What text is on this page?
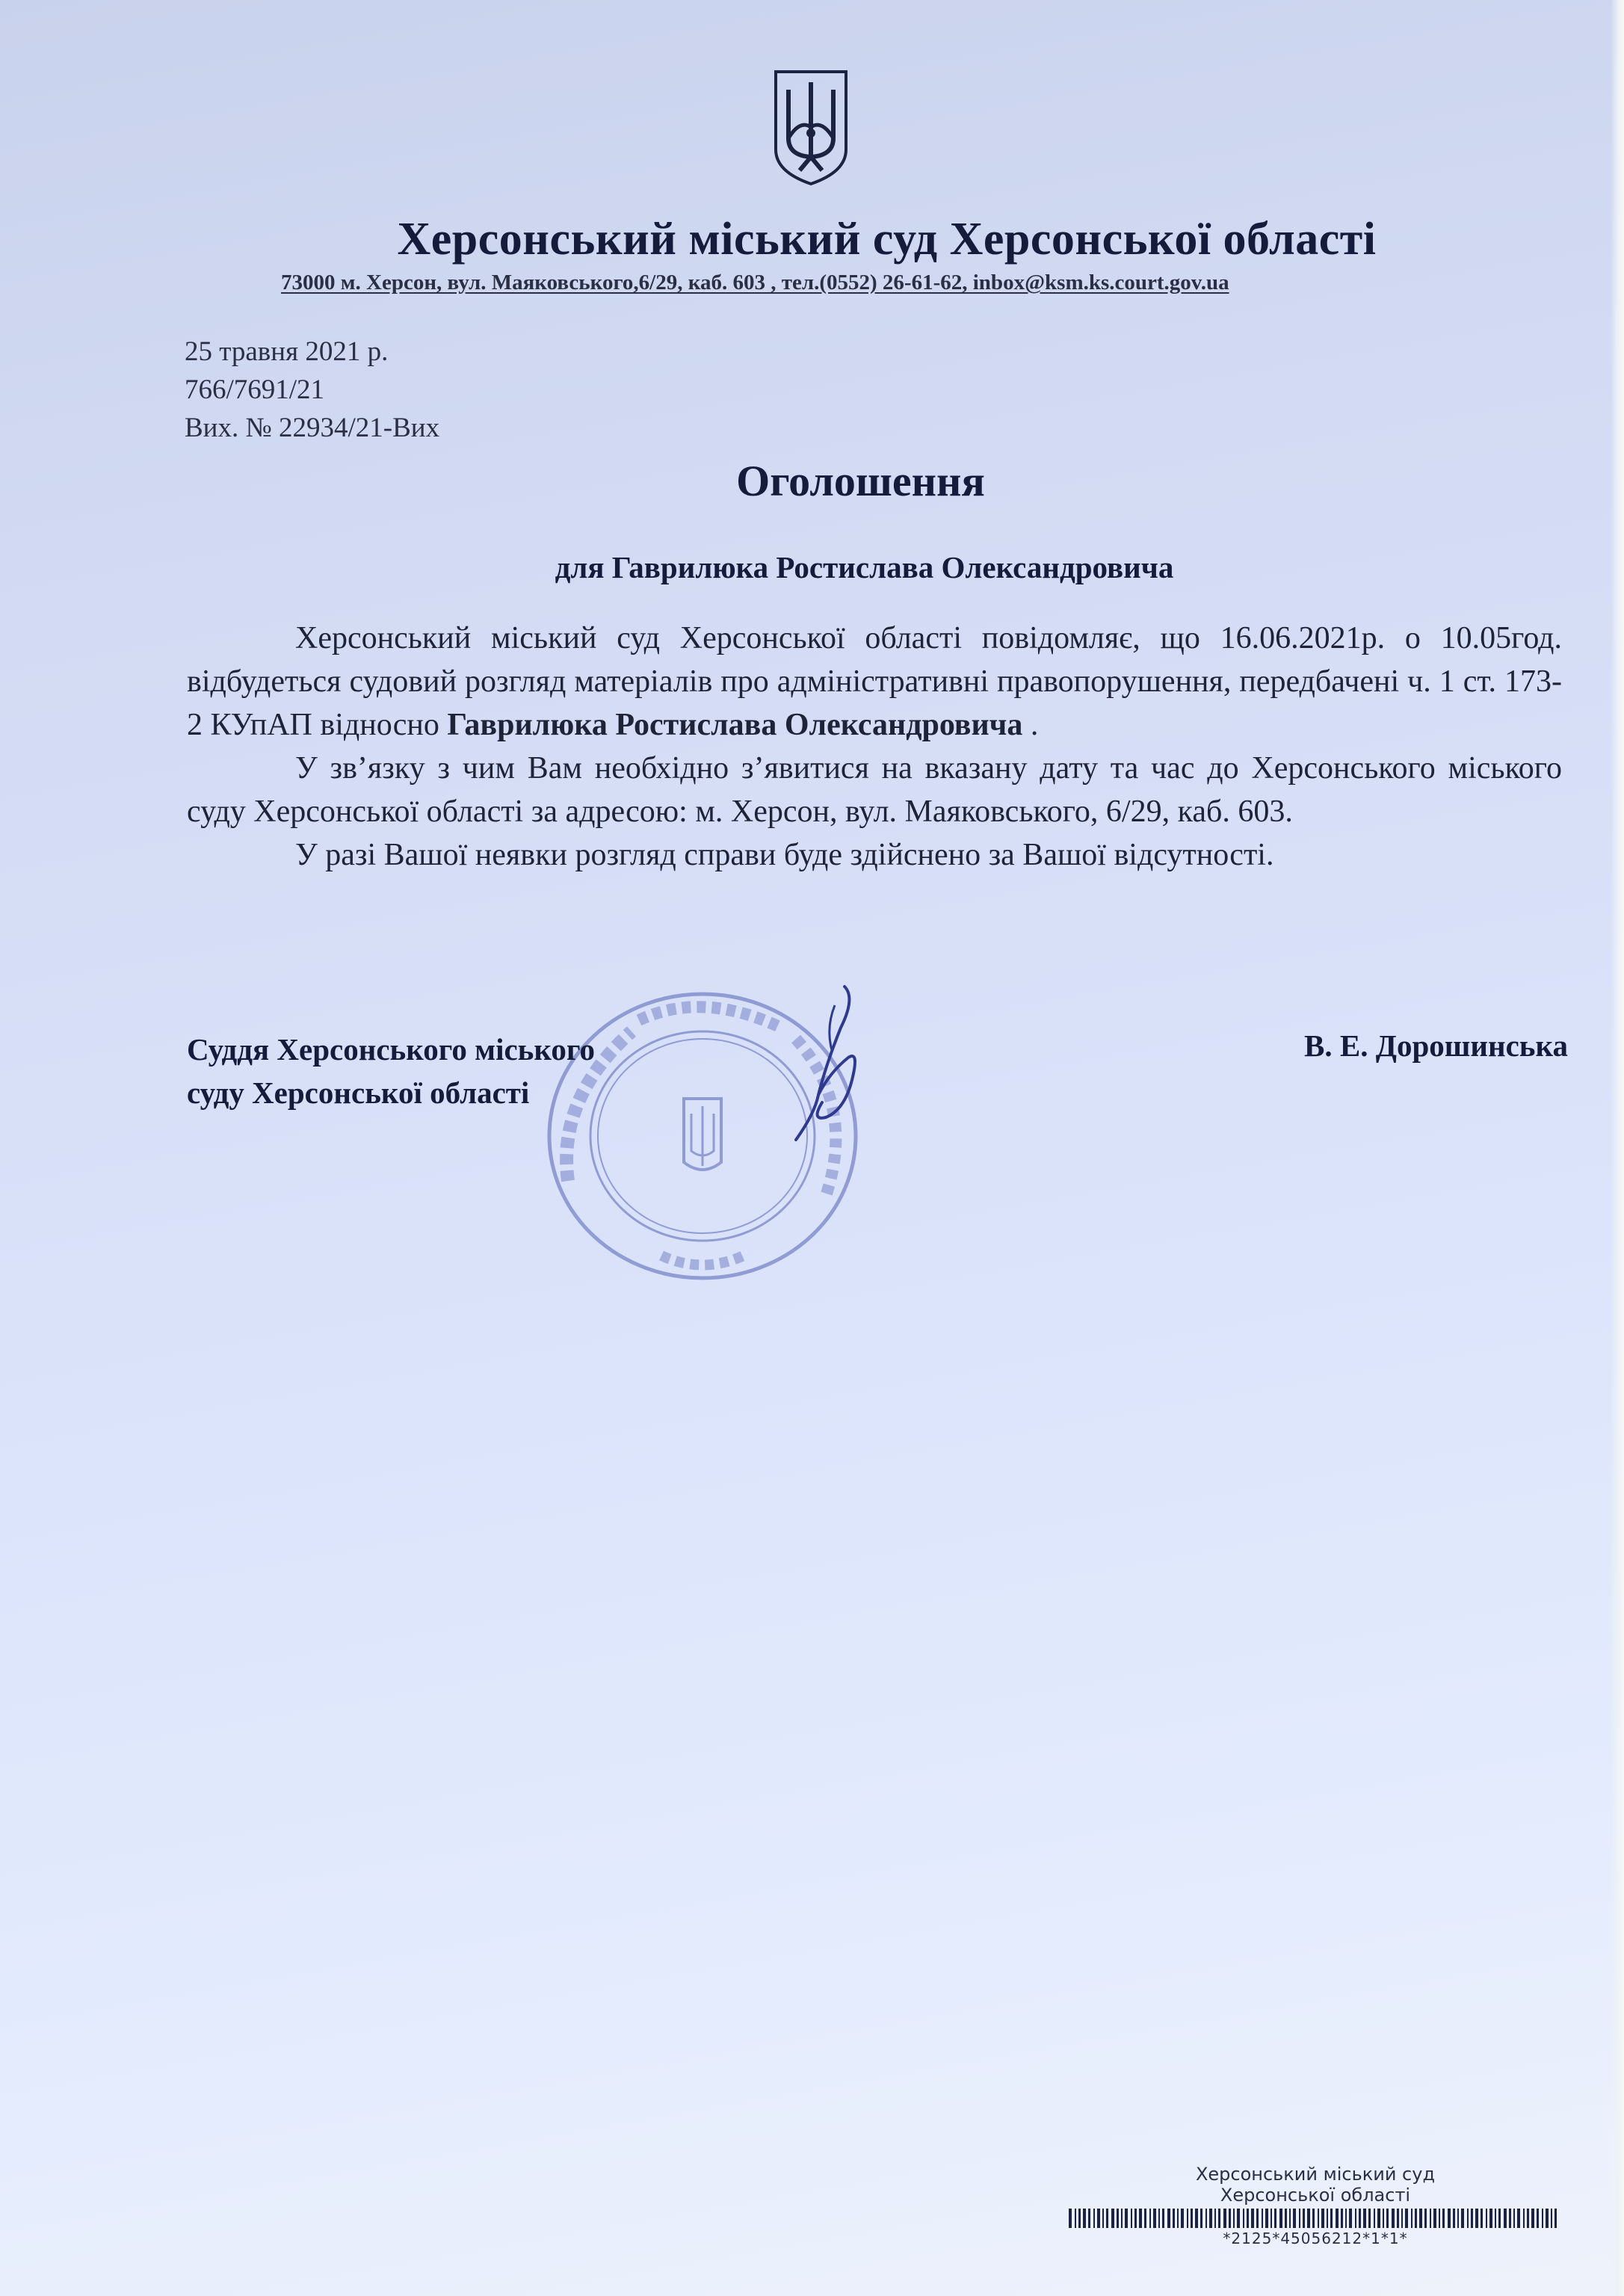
Херсонський міський суд Херсонської області
73000 м. Херсон, вул. Маяковського,6/29, каб. 603 , тел.(0552) 26-61-62, inbox@ksm.ks.court.gov.ua
25 травня 2021 р.
766/7691/21
Вих. № 22934/21-Вих
Оголошення
для Гаврилюка Ростислава Олександровича

Херсонський міський суд Херсонської області повідомляє, що 16.06.2021р. о 10.05год. відбудеться судовий розгляд матеріалів про адміністративні правопорушення, передбачені ч. 1 ст. 173-2 КУпАП відносно Гаврилюка Ростислава Олександровича .

У зв’язку з чим Вам необхідно з’явитися на вказану дату та час до Херсонського міського суду Херсонської області за адресою: м. Херсон, вул. Маяковського, 6/29, каб. 603.

У разі Вашої неявки розгляд справи буде здійснено за Вашої відсутності.

Суддя Херсонського міського
суду Херсонської області
В. Е. Дорошинська
Херсонський міський суд
Херсонської області
*2125*45056212*1*1*
